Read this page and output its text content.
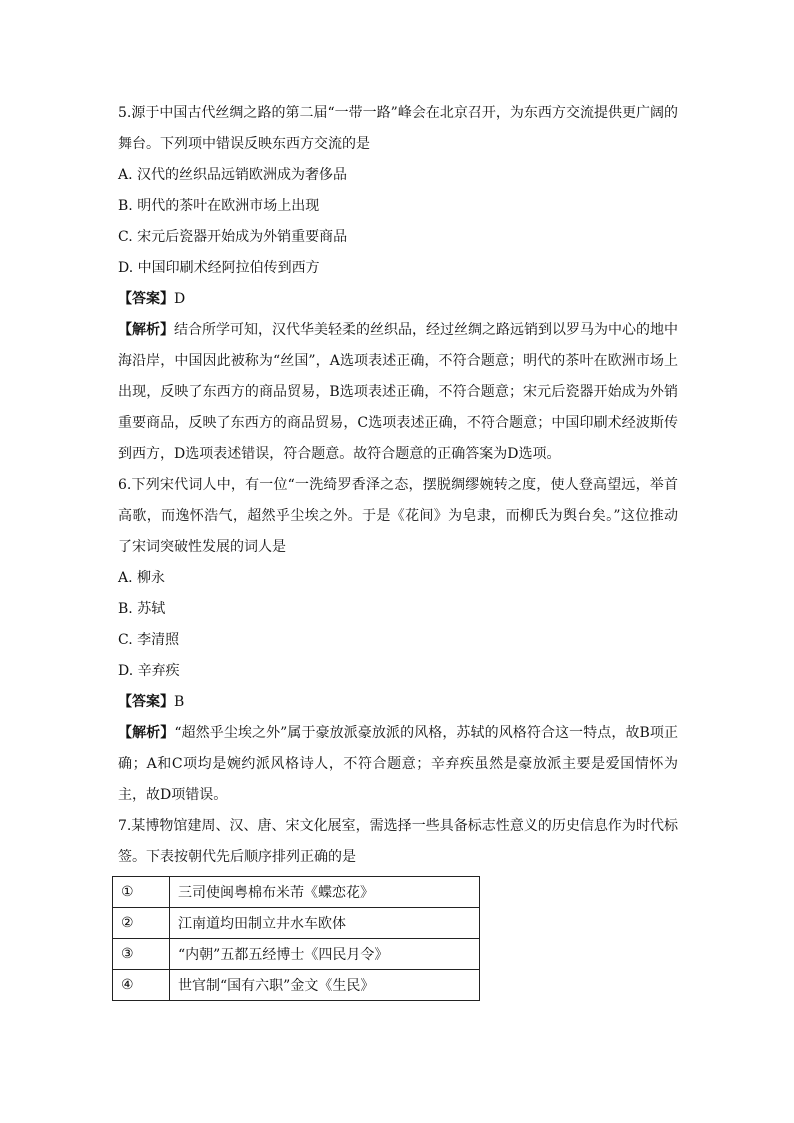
5.源于中国古代丝绸之路的第二届“一带一路”峰会在北京召开，为东西方交流提供更广阔的舞台。下列项中错误反映东西方交流的是

A. 汉代的丝织品远销欧洲成为奢侈品

B. 明代的茶叶在欧洲市场上出现

C. 宋元后瓷器开始成为外销重要商品

D. 中国印刷术经阿拉伯传到西方

【答案】D

【解析】结合所学可知，汉代华美轻柔的丝织品，经过丝绸之路远销到以罗马为中心的地中海沿岸，中国因此被称为“丝国”，A选项表述正确，不符合题意；明代的茶叶在欧洲市场上出现，反映了东西方的商品贸易，B选项表述正确，不符合题意；宋元后瓷器开始成为外销重要商品，反映了东西方的商品贸易，C选项表述正确，不符合题意；中国印刷术经波斯传到西方，D选项表述错误，符合题意。故符合题意的正确答案为D选项。

6.下列宋代词人中，有一位“一洗绮罗香泽之态，摆脱绸缪婉转之度，使人登高望远，举首高歌，而逸怀浩气，超然乎尘埃之外。于是《花间》为皂隶，而柳氏为舆台矣。”这位推动了宋词突破性发展的词人是

A. 柳永

B. 苏轼

C. 李清照

D. 辛弃疾

【答案】B

【解析】“超然乎尘埃之外”属于豪放派豪放派的风格，苏轼的风格符合这一特点，故B项正确；A和C项均是婉约派风格诗人，不符合题意；辛弃疾虽然是豪放派主要是爱国情怀为主，故D项错误。

7.某博物馆建周、汉、唐、宋文化展室，需选择一些具备标志性意义的历史信息作为时代标签。下表按朝代先后顺序排列正确的是

①	三司使闽粤棉布米芾《蝶恋花》
②	江南道均田制立井水车欧体
③	“内朝”五都五经博士《四民月令》
④	世官制“国有六职”金文《生民》
